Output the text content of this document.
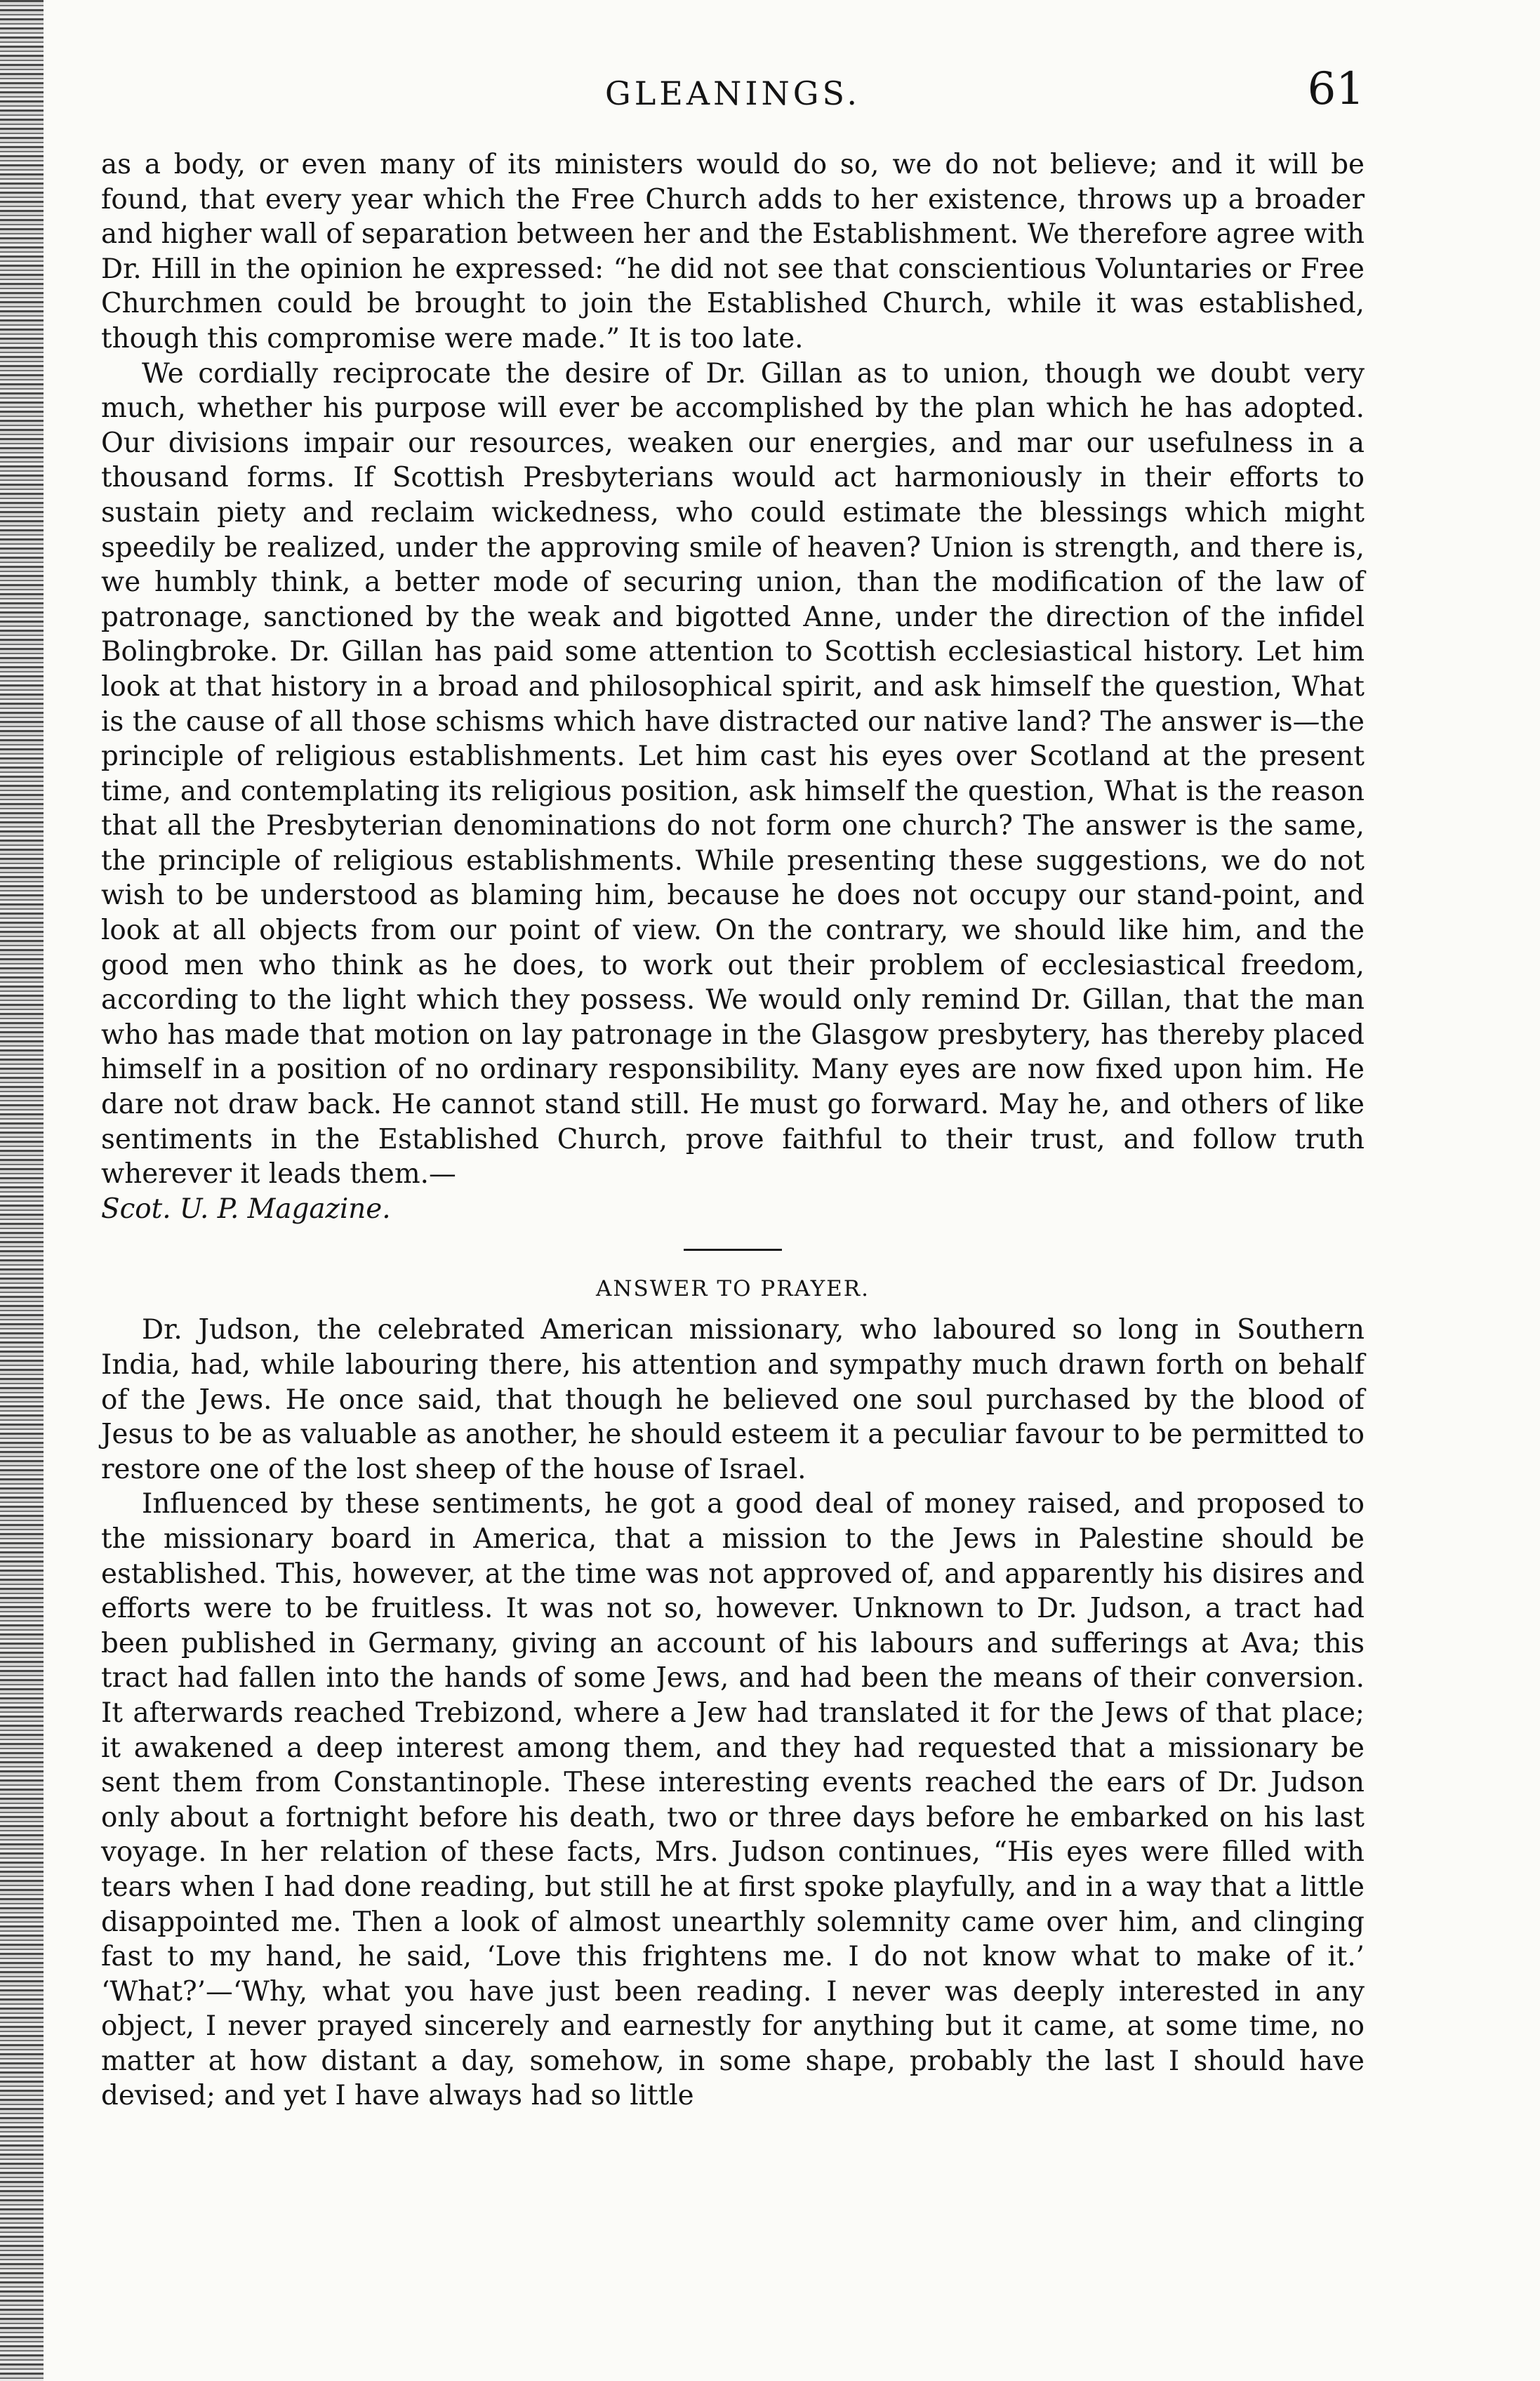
GLEANINGS.	61

as a body, or even many of its ministers would do so, we do not believe; and it will be found, that every year which the Free Church adds to her existence, throws up a broader and higher wall of separation between her and the Establishment. We therefore agree with Dr. Hill in the opinion he expressed: “he did not see that conscientious Voluntaries or Free Churchmen could be brought to join the Established Church, while it was established, though this compromise were made.” It is too late.

We cordially reciprocate the desire of Dr. Gillan as to union, though we doubt very much, whether his purpose will ever be accomplished by the plan which he has adopted. Our divisions impair our resources, weaken our energies, and mar our usefulness in a thousand forms. If Scottish Presbyterians would act harmoniously in their efforts to sustain piety and reclaim wickedness, who could estimate the blessings which might speedily be realized, under the approving smile of heaven? Union is strength, and there is, we humbly think, a better mode of securing union, than the modification of the law of patronage, sanctioned by the weak and bigotted Anne, under the direction of the infidel Bolingbroke. Dr. Gillan has paid some attention to Scottish ecclesiastical history. Let him look at that history in a broad and philosophical spirit, and ask himself the question, What is the cause of all those schisms which have distracted our native land? The answer is—the principle of religious establishments. Let him cast his eyes over Scotland at the present time, and contemplating its religious position, ask himself the question, What is the reason that all the Presbyterian denominations do not form one church? The answer is the same, the principle of religious establishments. While presenting these suggestions, we do not wish to be understood as blaming him, because he does not occupy our stand-point, and look at all objects from our point of view. On the contrary, we should like him, and the good men who think as he does, to work out their problem of ecclesiastical freedom, according to the light which they possess. We would only remind Dr. Gillan, that the man who has made that motion on lay patronage in the Glasgow presbytery, has thereby placed himself in a position of no ordinary responsibility. Many eyes are now fixed upon him. He dare not draw back. He cannot stand still. He must go forward. May he, and others of like sentiments in the Established Church, prove faithful to their trust, and follow truth wherever it leads them.—

Scot. U. P. Magazine.

ANSWER TO PRAYER.

Dr. Judson, the celebrated American missionary, who laboured so long in Southern India, had, while labouring there, his attention and sympathy much drawn forth on behalf of the Jews. He once said, that though he believed one soul purchased by the blood of Jesus to be as valuable as another, he should esteem it a peculiar favour to be permitted to restore one of the lost sheep of the house of Israel.

Influenced by these sentiments, he got a good deal of money raised, and proposed to the missionary board in America, that a mission to the Jews in Palestine should be established. This, however, at the time was not approved of, and apparently his disires and efforts were to be fruitless. It was not so, however. Unknown to Dr. Judson, a tract had been published in Germany, giving an account of his labours and sufferings at Ava; this tract had fallen into the hands of some Jews, and had been the means of their conversion. It afterwards reached Trebizond, where a Jew had translated it for the Jews of that place; it awakened a deep interest among them, and they had requested that a missionary be sent them from Constantinople. These interesting events reached the ears of Dr. Judson only about a fortnight before his death, two or three days before he embarked on his last voyage. In her relation of these facts, Mrs. Judson continues, “His eyes were filled with tears when I had done reading, but still he at first spoke playfully, and in a way that a little disappointed me. Then a look of almost unearthly solemnity came over him, and clinging fast to my hand, he said, ‘Love this frightens me. I do not know what to make of it.’ ‘What?’—‘Why, what you have just been reading. I never was deeply interested in any object, I never prayed sincerely and earnestly for anything but it came, at some time, no matter at how distant a day, somehow, in some shape, probably the last I should have devised; and yet I have always had so little
